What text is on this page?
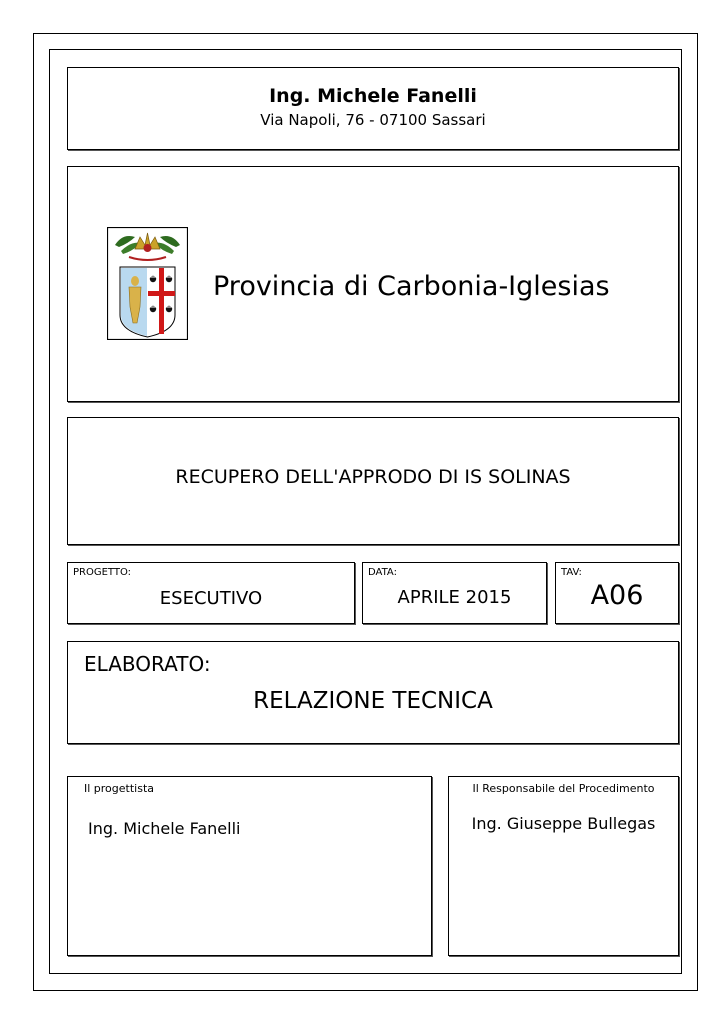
Ing. Michele Fanelli
Via Napoli, 76 - 07100 Sassari
Provincia di Carbonia-Iglesias
RECUPERO DELL'APPRODO DI IS SOLINAS
PROGETTO:
ESECUTIVO
DATA:
APRILE 2015
TAV:
A06
ELABORATO:
RELAZIONE TECNICA
Il progettista
Ing. Michele Fanelli
Il Responsabile del Procedimento
Ing. Giuseppe Bullegas
